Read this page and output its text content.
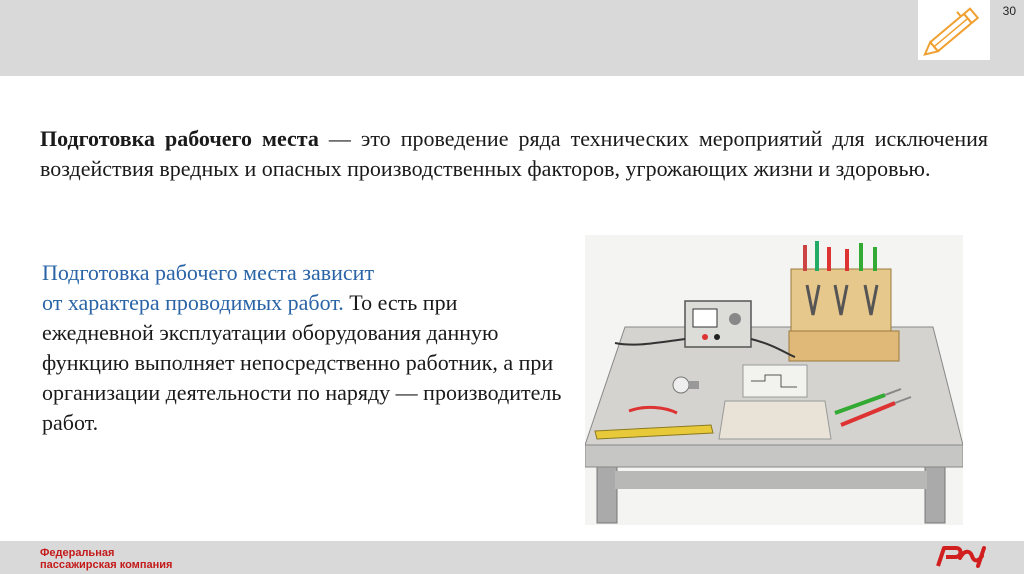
30

Подготовка рабочего места — это проведение ряда технических мероприятий для исключения воздействия вредных и опасных производственных факторов, угрожающих жизни и здоровью.

Подготовка рабочего места зависит
от характера проводимых работ. То есть при ежедневной эксплуатации оборудования данную функцию выполняет непосредственно работник, а при организации деятельности по наряду — производитель работ.

Федеральная
пассажирская компания
